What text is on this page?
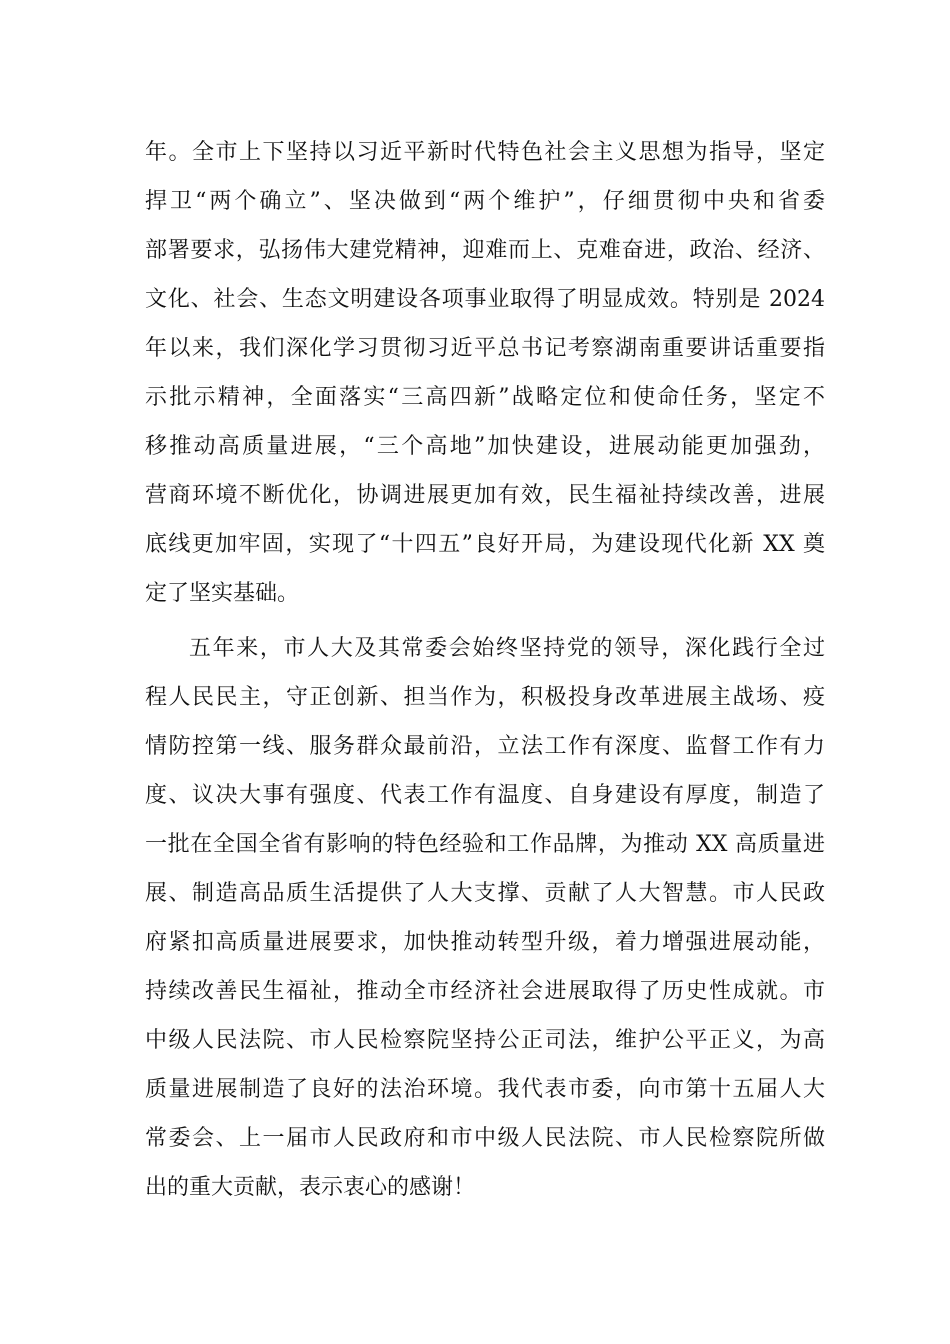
年。全市上下坚持以习近平新时代特色社会主义思想为指导，坚定
捍卫“两个确立”、坚决做到“两个维护”，仔细贯彻中央和省委
部署要求，弘扬伟大建党精神，迎难而上、克难奋进，政治、经济、
文化、社会、生态文明建设各项事业取得了明显成效。特别是 2024
年以来，我们深化学习贯彻习近平总书记考察湖南重要讲话重要指
示批示精神，全面落实“三高四新”战略定位和使命任务，坚定不
移推动高质量进展，“三个高地”加快建设，进展动能更加强劲，
营商环境不断优化，协调进展更加有效，民生福祉持续改善，进展
底线更加牢固，实现了“十四五”良好开局，为建设现代化新 XX 奠
定了坚实基础。
五年来，市人大及其常委会始终坚持党的领导，深化践行全过
程人民民主，守正创新、担当作为，积极投身改革进展主战场、疫
情防控第一线、服务群众最前沿，立法工作有深度、监督工作有力
度、议决大事有强度、代表工作有温度、自身建设有厚度，制造了
一批在全国全省有影响的特色经验和工作品牌，为推动 XX 高质量进
展、制造高品质生活提供了人大支撑、贡献了人大智慧。市人民政
府紧扣高质量进展要求，加快推动转型升级，着力增强进展动能，
持续改善民生福祉，推动全市经济社会进展取得了历史性成就。市
中级人民法院、市人民检察院坚持公正司法，维护公平正义，为高
质量进展制造了良好的法治环境。我代表市委，向市第十五届人大
常委会、上一届市人民政府和市中级人民法院、市人民检察院所做
出的重大贡献，表示衷心的感谢！
